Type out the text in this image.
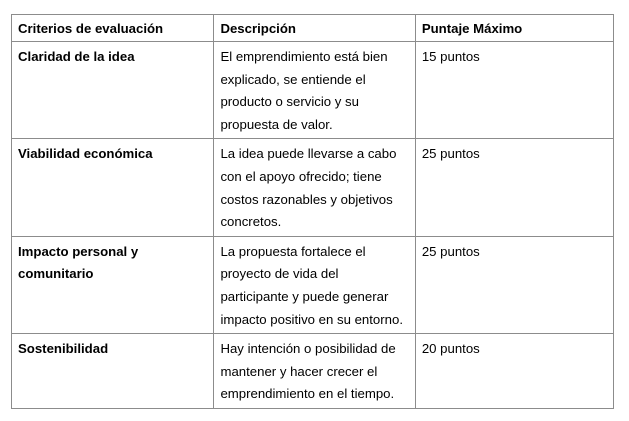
Criterios de evaluación	Descripción	Puntaje Máximo
Claridad de la idea	El emprendimiento está bien explicado, se entiende el producto o servicio y su propuesta de valor.	15 puntos
Viabilidad económica	La idea puede llevarse a cabo con el apoyo ofrecido; tiene costos razonables y objetivos concretos.	25 puntos
Impacto personal y comunitario	La propuesta fortalece el proyecto de vida del participante y puede generar impacto positivo en su entorno.	25 puntos
Sostenibilidad	Hay intención o posibilidad de mantener y hacer crecer el emprendimiento en el tiempo.	20 puntos
